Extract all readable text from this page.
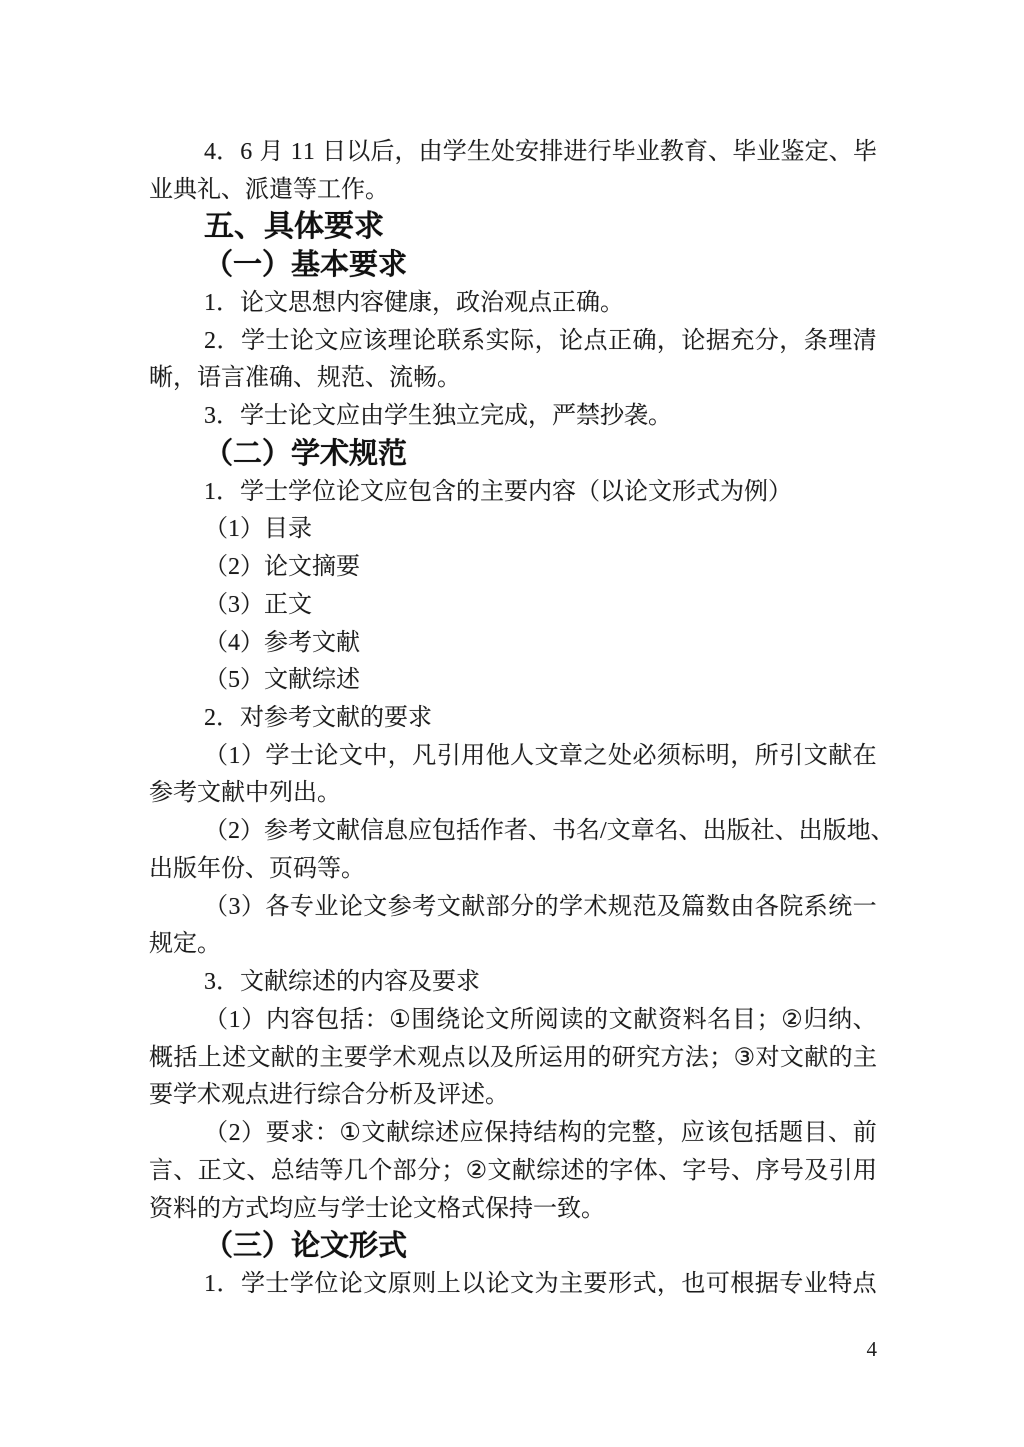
4 ． 6
月
1 1
日 以 后 ， 由 学 生 处 安 排 进 行 毕 业 教 育 、 毕 业 鉴 定 、 毕
业典礼、派遣等工作。
五、具体要求
（一）基本要求
1．论文思想内容健康，政治观点正确。
2 ． 学 士 论 文 应 该 理 论 联 系 实 际 ， 论 点 正 确 ， 论 据 充 分 ， 条 理 清
晰，语言准确、规范、流畅。
3．学士论文应由学生独立完成，严禁抄袭。
（二）学术规范
1．学士学位论文应包含的主要内容（以论文形式为例）
（1）目录
（2）论文摘要
（3）正文
（4）参考文献
（5）文献综述
2．对参考文献的要求
（ 1 ） 学 士 论 文 中 ， 凡 引 用 他 人 文 章 之 处 必 须 标 明 ， 所 引 文 献 在
参考文献中列出。
（ 2 ） 参 考 文 献 信 息 应 包 括 作 者 、 书 名 / 文 章 名 、 出 版 社 、 出 版 地 、
出版年份、页码等。
（ 3 ） 各 专 业 论 文 参 考 文 献 部 分 的 学 术 规 范 及 篇 数 由 各 院 系 统 一
规定。
3．文献综述的内容及要求
（ 1 ） 内 容 包 括 ： ① 围 绕 论 文 所 阅 读 的 文 献 资 料 名 目 ； ② 归 纳 、
概 括 上 述 文 献 的 主 要 学 术 观 点 以 及 所 运 用 的 研 究 方 法 ； ③ 对 文 献 的 主
要学术观点进行综合分析及评述。
（ 2 ） 要 求 ： ① 文 献 综 述 应 保 持 结 构 的 完 整 ， 应 该 包 括 题 目 、 前
言 、 正 文 、 总 结 等 几 个 部 分 ； ② 文 献 综 述 的 字 体 、 字 号 、 序 号 及 引 用
资料的方式均应与学士论文格式保持一致。
（三）论文形式
1 ． 学 士 学 位 论 文 原 则 上 以 论 文 为 主 要 形 式 ， 也 可 根 据 专 业 特 点
4
